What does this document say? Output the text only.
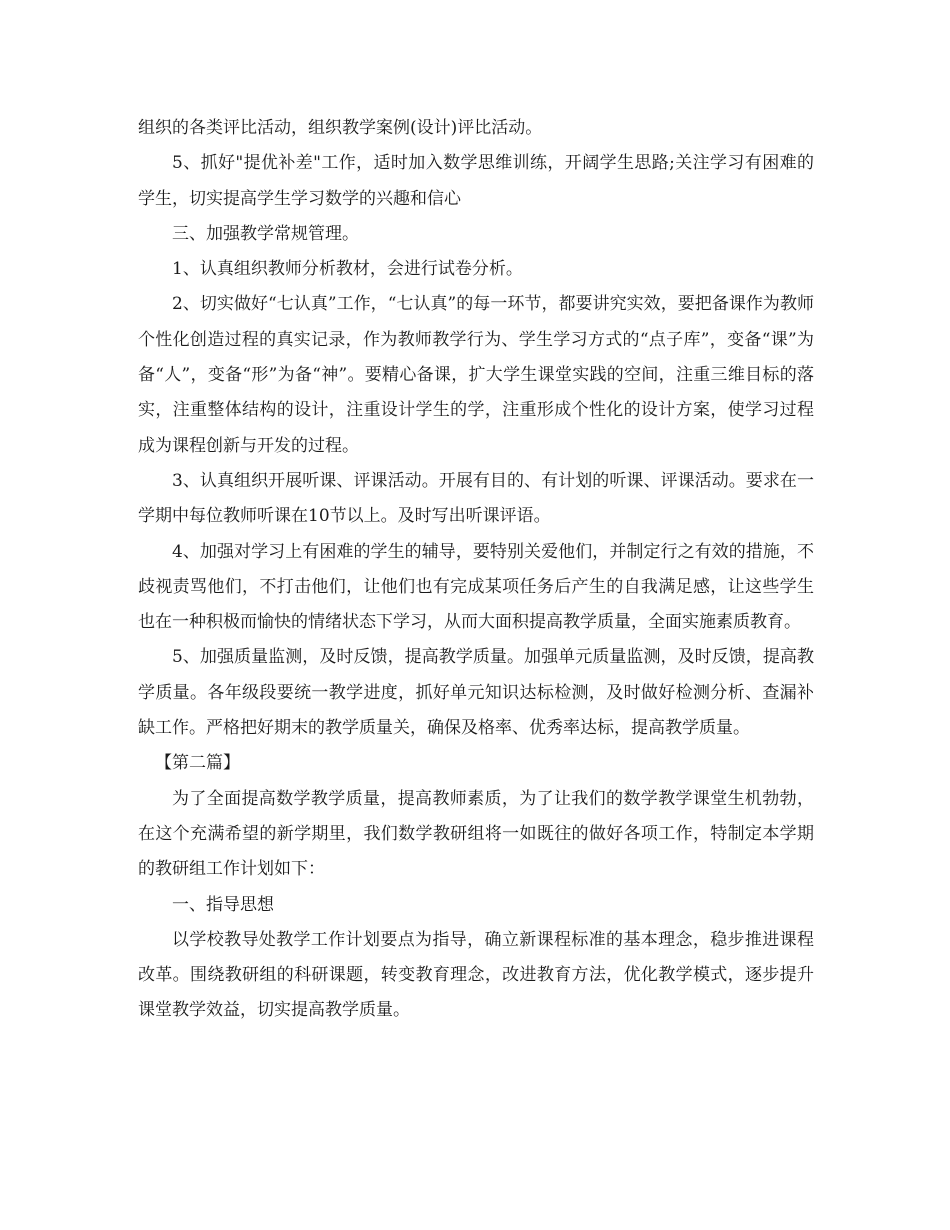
组织的各类评比活动，组织教学案例(设计)评比活动。

5、抓好"提优补差"工作，适时加入数学思维训练，开阔学生思路;关注学习有困难的学生，切实提高学生学习数学的兴趣和信心

三、加强教学常规管理。

1、认真组织教师分析教材，会进行试卷分析。

2、切实做好“七认真”工作，“七认真”的每一环节，都要讲究实效，要把备课作为教师个性化创造过程的真实记录，作为教师教学行为、学生学习方式的“点子库”，变备“课”为备“人”，变备“形”为备“神”。要精心备课，扩大学生课堂实践的空间，注重三维目标的落实，注重整体结构的设计，注重设计学生的学，注重形成个性化的设计方案，使学习过程成为课程创新与开发的过程。

3、认真组织开展听课、评课活动。开展有目的、有计划的听课、评课活动。要求在一学期中每位教师听课在10节以上。及时写出听课评语。

4、加强对学习上有困难的学生的辅导，要特别关爱他们，并制定行之有效的措施，不歧视责骂他们，不打击他们，让他们也有完成某项任务后产生的自我满足感，让这些学生也在一种积极而愉快的情绪状态下学习，从而大面积提高教学质量，全面实施素质教育。

5、加强质量监测，及时反馈，提高教学质量。加强单元质量监测，及时反馈，提高教学质量。各年级段要统一教学进度，抓好单元知识达标检测，及时做好检测分析、查漏补缺工作。严格把好期末的教学质量关，确保及格率、优秀率达标，提高教学质量。

【第二篇】

为了全面提高数学教学质量，提高教师素质，为了让我们的数学教学课堂生机勃勃，在这个充满希望的新学期里，我们数学教研组将一如既往的做好各项工作，特制定本学期的教研组工作计划如下：

一、指导思想

以学校教导处教学工作计划要点为指导，确立新课程标准的基本理念，稳步推进课程改革。围绕教研组的科研课题，转变教育理念，改进教育方法，优化教学模式，逐步提升课堂教学效益，切实提高教学质量。
